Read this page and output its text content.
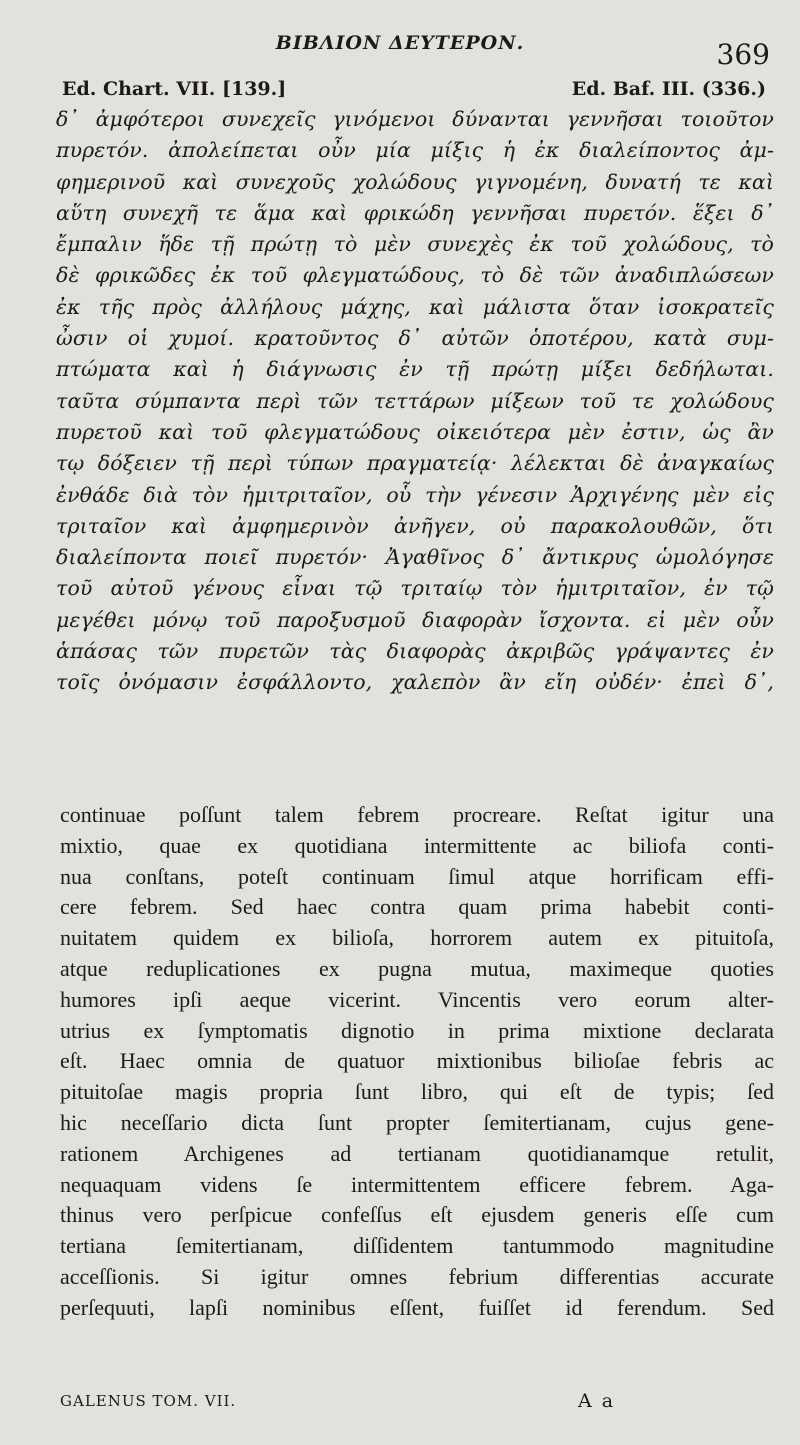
ΒΙΒΛΙΟΝ ΔΕΥΤΕΡΟΝ.	369
Ed. Chart. VII. [139.]	Ed. Baf. III. (336.)
δ᾽ ἀμφότεροι συνεχεῖς γινόμενοι δύνανται γεννῆσαι τοιοῦτον
πυρετόν. ἀπολείπεται οὖν μία μίξις ἡ ἐκ διαλείποντος ἀμ-
φημερινοῦ καὶ συνεχοῦς χολώδους γιγνομένη, δυνατή τε καὶ
αὕτη συνεχῆ τε ἅμα καὶ φρικώδη γεννῆσαι πυρετόν. ἕξει δ᾽
ἔμπαλιν ἥδε τῇ πρώτῃ τὸ μὲν συνεχὲς ἐκ τοῦ χολώδους, τὸ
δὲ φρικῶδες ἐκ τοῦ φλεγματώδους, τὸ δὲ τῶν ἀναδιπλώσεων
ἐκ τῆς πρὸς ἀλλήλους μάχης, καὶ μάλιστα ὅταν ἰσοκρατεῖς
ὦσιν οἱ χυμοί. κρατοῦντος δ᾽ αὐτῶν ὁποτέρου, κατὰ συμ-
πτώματα καὶ ἡ διάγνωσις ἐν τῇ πρώτῃ μίξει δεδήλωται.
ταῦτα σύμπαντα περὶ τῶν τεττάρων μίξεων τοῦ τε χολώδους
πυρετοῦ καὶ τοῦ φλεγματώδους οἰκειότερα μὲν ἐστιν, ὡς ἂν
τῳ δόξειεν τῇ περὶ τύπων πραγματείᾳ· λέλεκται δὲ ἀναγκαίως
ἐνθάδε διὰ τὸν ἡμιτριταῖον, οὗ τὴν γένεσιν Ἀρχιγένης μὲν εἰς
τριταῖον καὶ ἀμφημερινὸν ἀνῆγεν, οὐ παρακολουθῶν, ὅτι
διαλείποντα ποιεῖ πυρετόν· Ἀγαθῖνος δ᾽ ἄντικρυς ὡμολόγησε
τοῦ αὐτοῦ γένους εἶναι τῷ τριταίῳ τὸν ἡμιτριταῖον, ἐν τῷ
μεγέθει μόνῳ τοῦ παροξυσμοῦ διαφορὰν ἴσχοντα. εἰ μὲν οὖν
ἁπάσας τῶν πυρετῶν τὰς διαφορὰς ἀκριβῶς γράψαντες ἐν
τοῖς ὀνόμασιν ἐσφάλλοντο, χαλεπὸν ἂν εἴη οὐδέν· ἐπεὶ δ᾽,
continuae poſſunt talem febrem procreare. Reſtat igitur una
mixtio, quae ex quotidiana intermittente ac biliofa conti-
nua conſtans, poteſt continuam ſimul atque horrificam effi-
cere febrem. Sed haec contra quam prima habebit conti-
nuitatem quidem ex bilioſa, horrorem autem ex pituitoſa,
atque reduplicationes ex pugna mutua, maximeque quoties
humores ipſi aeque vicerint. Vincentis vero eorum alter-
utrius ex ſymptomatis dignotio in prima mixtione declarata
eſt. Haec omnia de quatuor mixtionibus bilioſae febris ac
pituitoſae magis propria ſunt libro, qui eſt de typis; ſed
hic neceſſario dicta ſunt propter ſemitertianam, cujus gene-
rationem Archigenes ad tertianam quotidianamque retulit,
nequaquam videns ſe intermittentem efficere febrem. Aga-
thinus vero perſpicue confeſſus eſt ejusdem generis eſſe cum
tertiana ſemitertianam, diſſidentem tantummodo magnitudine
acceſſionis. Si igitur omnes febrium differentias accurate
perſequuti, lapſi nominibus eſſent, fuiſſet id ferendum. Sed
GALENUS TOM. VII.	A a
